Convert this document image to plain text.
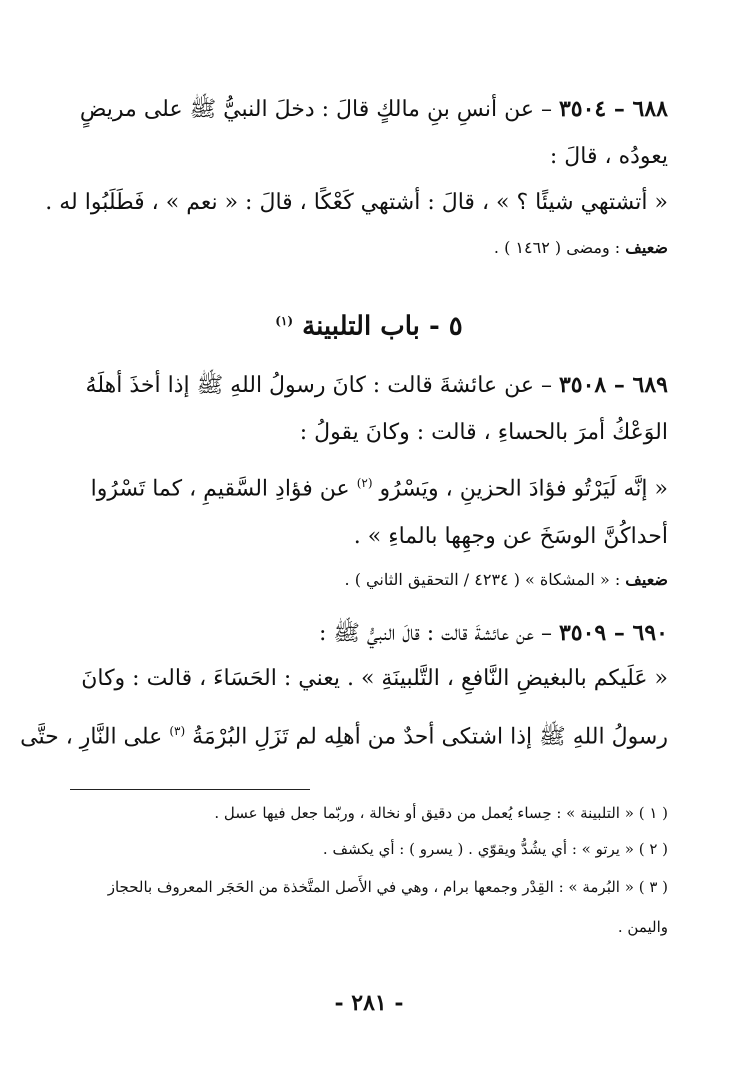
٦٨٨ – ٣٥٠٤ – عن أنسِ بنِ مالكٍ قالَ : دخلَ النبيُّ ﷺ على مريضٍ
يعودُه ، قالَ :
« أتشتهي شيئًا ؟ » ، قالَ : أشتهي كَعْكًا ، قالَ : « نعم » ، فَطَلَبُوا له .
ضعيف : ومضى ( ١٤٦٢ ) .
٥ - باب التلبينة $^{(١)}$
٦٨٩ – ٣٥٠٨ – عن عائشةَ قالت : كانَ رسولُ اللهِ ﷺ إذا أخذَ أهلَهُ
الوَعْكُ أمرَ بالحساءِ ، قالت : وكانَ يقولُ :
« إنَّه لَيَرْتُو فؤادَ الحزينِ ، ويَسْرُو $^{(٢)}$ عن فؤادِ السَّقيمِ ، كما تَسْرُوا
أحداكُنَّ الوسَخَ عن وجهِها بالماءِ » .
ضعيف : « المشكاة » ( ٤٢٣٤ / التحقيق الثاني ) .
٦٩٠ – ٣٥٠٩ – عن عائشةَ قالت : قالَ النبيُّ ﷺ :
« عَلَيكم بالبغيضِ النَّافعِ ، التَّلبينَةِ » . يعني : الحَسَاءَ ، قالت : وكانَ
رسولُ اللهِ ﷺ إذا اشتكى أحدٌ من أهلِه لم تَزَلِ البُرْمَةُ $^{(٣)}$ على النَّارِ ، حتَّى
( ١ ) « التلبينة » : حِساء يُعمل من دقيق أو نخالة ، وربّما جعل فيها عسل .
( ٢ ) « يرتو » : أي يشُدُّ ويقوّي . ( يسرو ) : أي يكشف .
( ٣ ) « البُرمة » : القِدْر وجمعها برام ، وهي في الأَصل المتَّخذة من الحَجَر المعروف بالحجاز
واليمن .
- ٢٨١ -
